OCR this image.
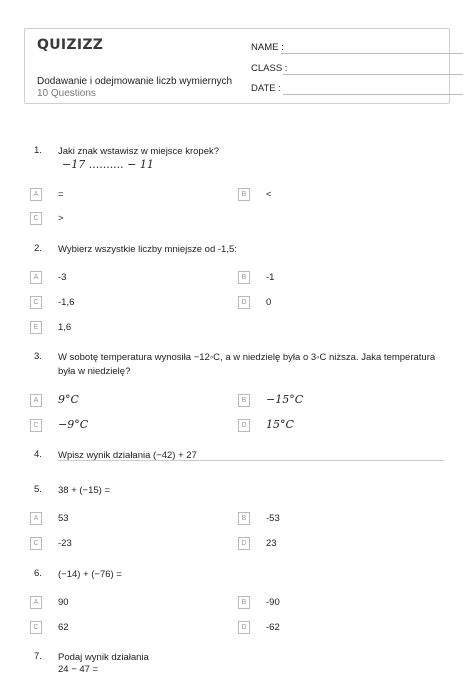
QUIZIZZ
Dodawanie i odejmowanie liczb wymiernych
10 Questions
NAME :
CLASS :
DATE :
1. Jaki znak wstawisz w miejsce kropek?
−17 .......... − 11
A	=	B	<
C	>
2. Wybierz wszystkie liczby mniejsze od -1,5:
A	-3	B	-1
C	-1,6	D	0
E	1,6
3. W sobotę temperatura wynosiła −12◦C, a w niedzielę była o 3◦C niższa. Jaka temperatura była w niedzielę?
A	9°C	B	−15°C
C	−9°C	D	15°C
4. Wpisz wynik działania (−42) + 27
5. 38 + (−15) =
A	53	B	-53
C	-23	D	23
6. (−14) + (−76) =
A	90	B	-90
C	62	D	-62
7. Podaj wynik działania
24 − 47 =
